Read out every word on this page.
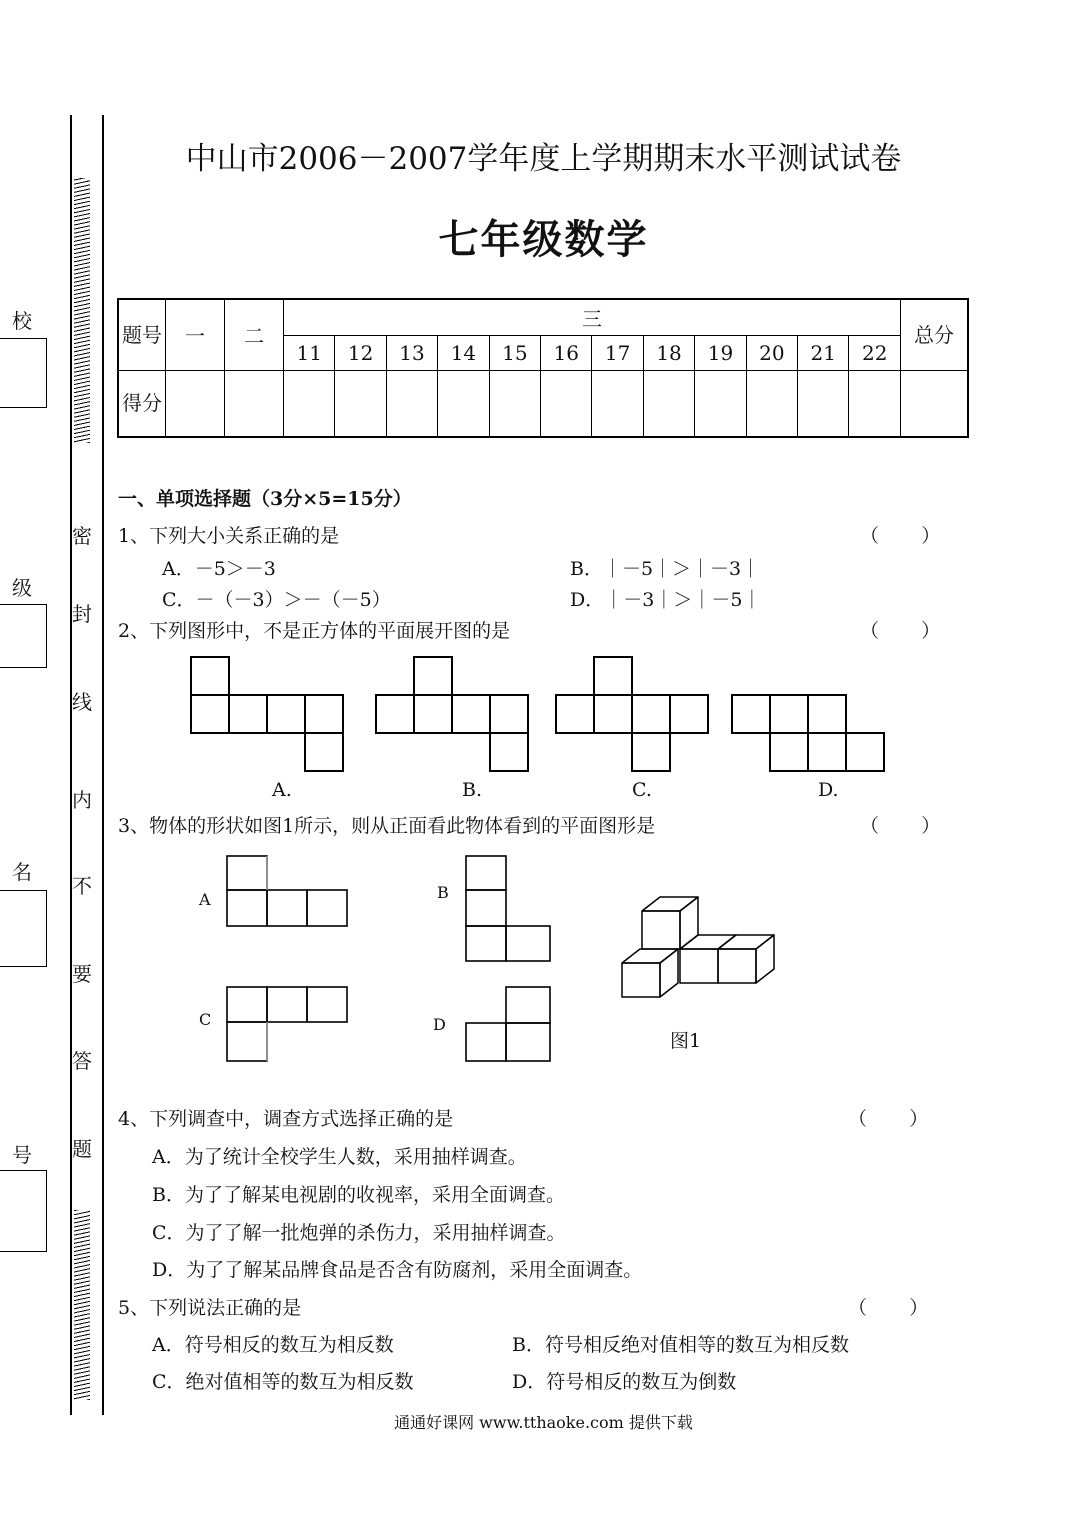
校
级
名
号
密
封
线
内
不
要
答
题
中山市2006－2007学年度上学期期末水平测试试卷
七年级数学
题号	一	二	三												总分
			11	12	13	14	15	16	17	18	19	20	21	22	
得分															
一、单项选择题（3分×5=15分）
1、下列大小关系正确的是	（       ）
A．－5＞－3	B．｜－5｜＞｜－3｜
C．－（－3）＞－（－5）	D．｜－3｜＞｜－5｜
2、下列图形中，不是正方体的平面展开图的是	（       ）
A.	B.	C.	D.
3、物体的形状如图1所示，则从正面看此物体看到的平面图形是	（       ）
A	B
C	D
图1
4、下列调查中，调查方式选择正确的是	（       ）
A．为了统计全校学生人数，采用抽样调查。
B．为了了解某电视剧的收视率，采用全面调查。
C．为了了解一批炮弹的杀伤力，采用抽样调查。
D．为了了解某品牌食品是否含有防腐剂，采用全面调查。
5、下列说法正确的是	（       ）
A．符号相反的数互为相反数	B．符号相反绝对值相等的数互为相反数
C．绝对值相等的数互为相反数	D．符号相反的数互为倒数
通通好课网 www.tthaoke.com 提供下载
